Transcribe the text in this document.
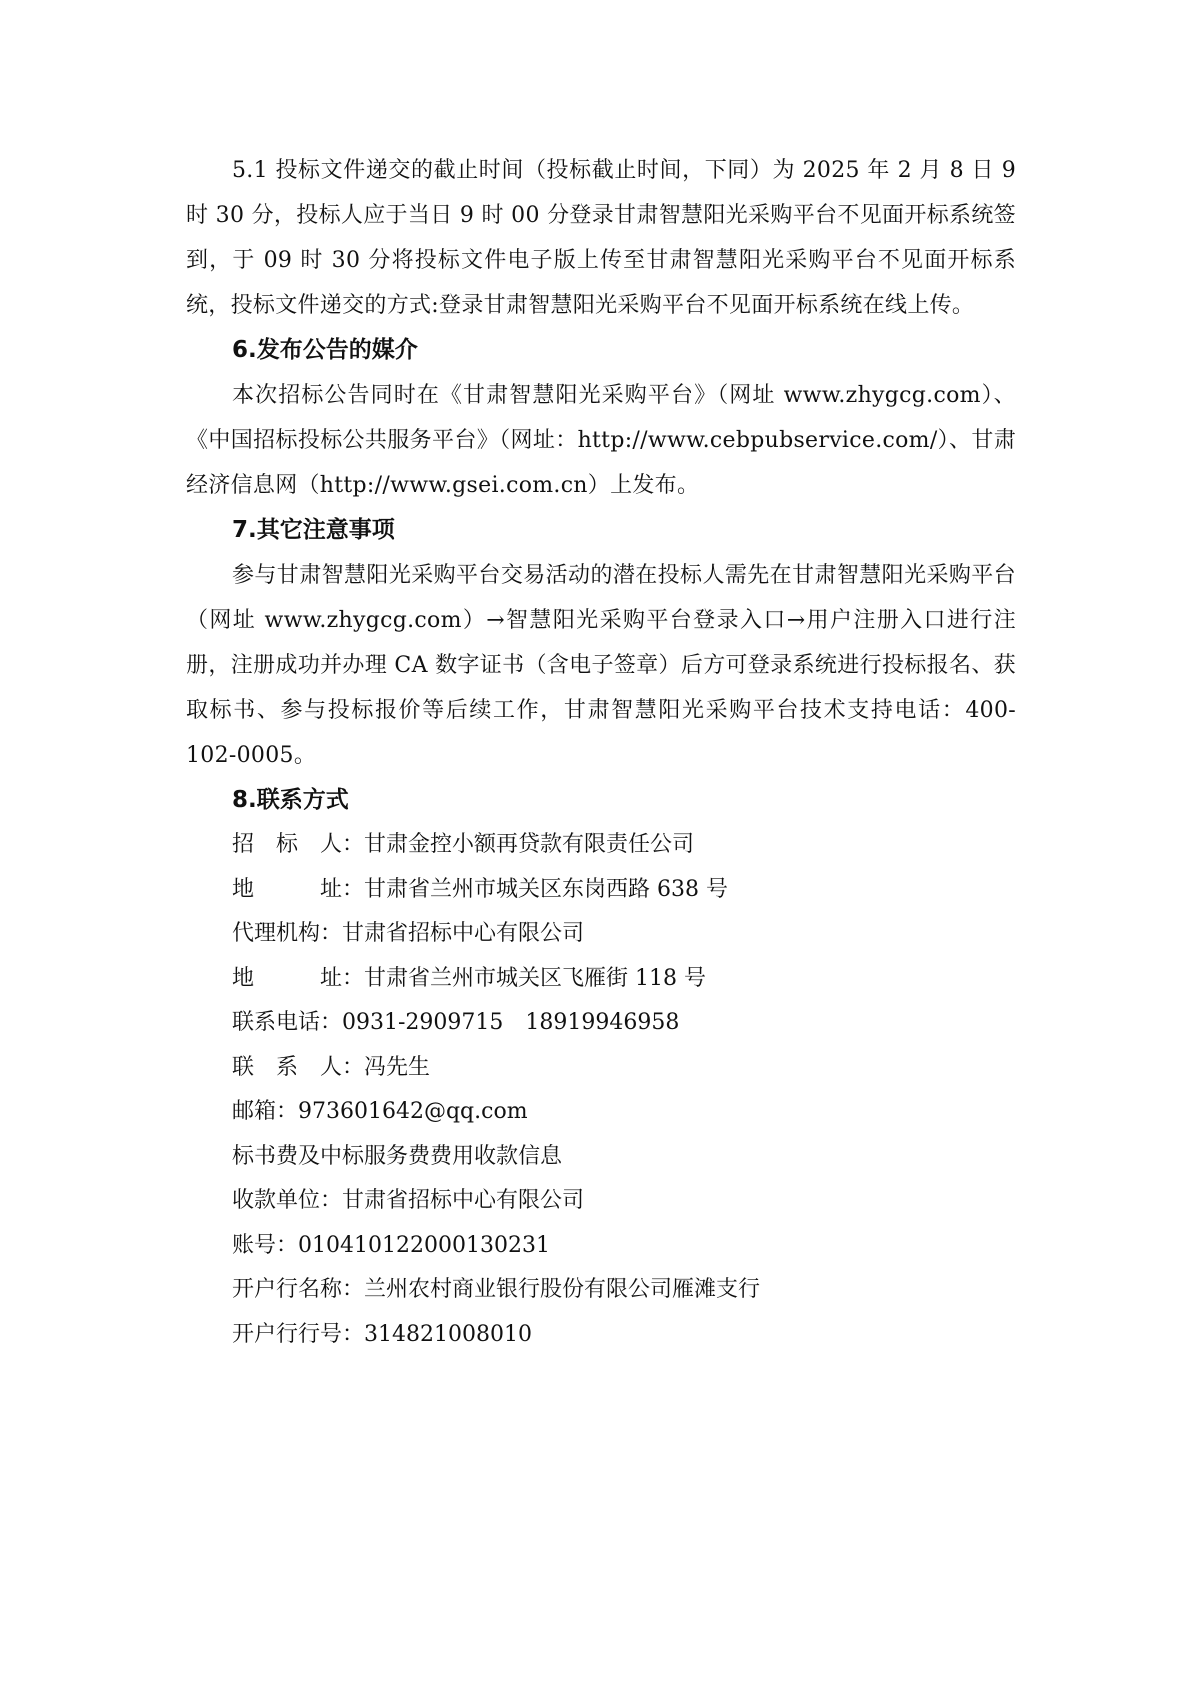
5.1 投标文件递交的截止时间（投标截止时间，下同）为 2025 年 2 月 8 日 9 时 30 分，投标人应于当日 9 时 00 分登录甘肃智慧阳光采购平台不见面开标系统签到，于 09 时 30 分将投标文件电子版上传至甘肃智慧阳光采购平台不见面开标系统，投标文件递交的方式:登录甘肃智慧阳光采购平台不见面开标系统在线上传。

6.发布公告的媒介

本次招标公告同时在《甘肃智慧阳光采购平台》（网址 www.zhygcg.com）、《中国招标投标公共服务平台》（网址：http://www.cebpubservice.com/）、甘肃经济信息网（http://www.gsei.com.cn）上发布。

7.其它注意事项

参与甘肃智慧阳光采购平台交易活动的潜在投标人需先在甘肃智慧阳光采购平台（网址 www.zhygcg.com）→智慧阳光采购平台登录入口→用户注册入口进行注册，注册成功并办理 CA 数字证书（含电子签章）后方可登录系统进行投标报名、获取标书、参与投标报价等后续工作，甘肃智慧阳光采购平台技术支持电话：400-102-0005。

8.联系方式

招　标　人：甘肃金控小额再贷款有限责任公司

地　　　址：甘肃省兰州市城关区东岗西路 638 号

代理机构：甘肃省招标中心有限公司

地　　　址：甘肃省兰州市城关区飞雁街 118 号

联系电话：0931-2909715　18919946958

联　系　人：冯先生

邮箱：973601642@qq.com

标书费及中标服务费费用收款信息

收款单位：甘肃省招标中心有限公司

账号：010410122000130231

开户行名称：兰州农村商业银行股份有限公司雁滩支行

开户行行号：314821008010
